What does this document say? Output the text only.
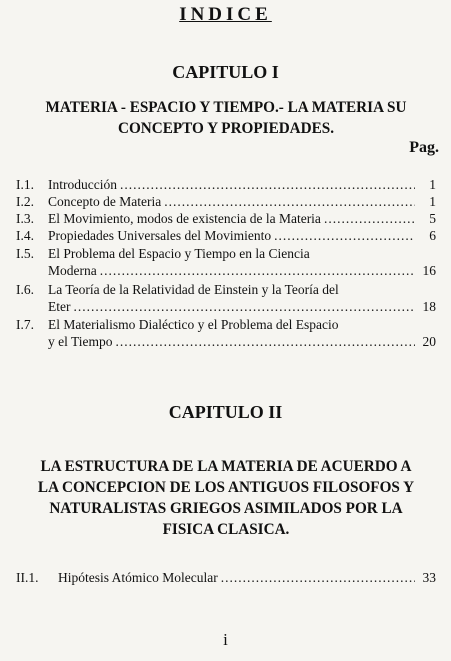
INDICE
CAPITULO I
MATERIA - ESPACIO Y TIEMPO.- LA MATERIA SU
CONCEPTO Y PROPIEDADES.
Pag.
I.1.	Introducción .....	1
I.2.	Concepto de Materia .....	1
I.3.	El Movimiento, modos de existencia de la Materia .....	5
I.4.	Propiedades Universales del Movimiento .....	6
I.5.	El Problema del Espacio y Tiempo en la Ciencia
Moderna .....	16
I.6.	La Teoría de la Relatividad de Einstein y la Teoría del
Eter .....	18
I.7.	El Materialismo Dialéctico y el Problema del Espacio
y el Tiempo .....	20
CAPITULO II
LA ESTRUCTURA DE LA MATERIA DE ACUERDO A
LA CONCEPCION DE LOS ANTIGUOS FILOSOFOS Y
NATURALISTAS GRIEGOS ASIMILADOS POR LA
FISICA CLASICA.
II.1.	Hipótesis Atómico Molecular .....	33
i
